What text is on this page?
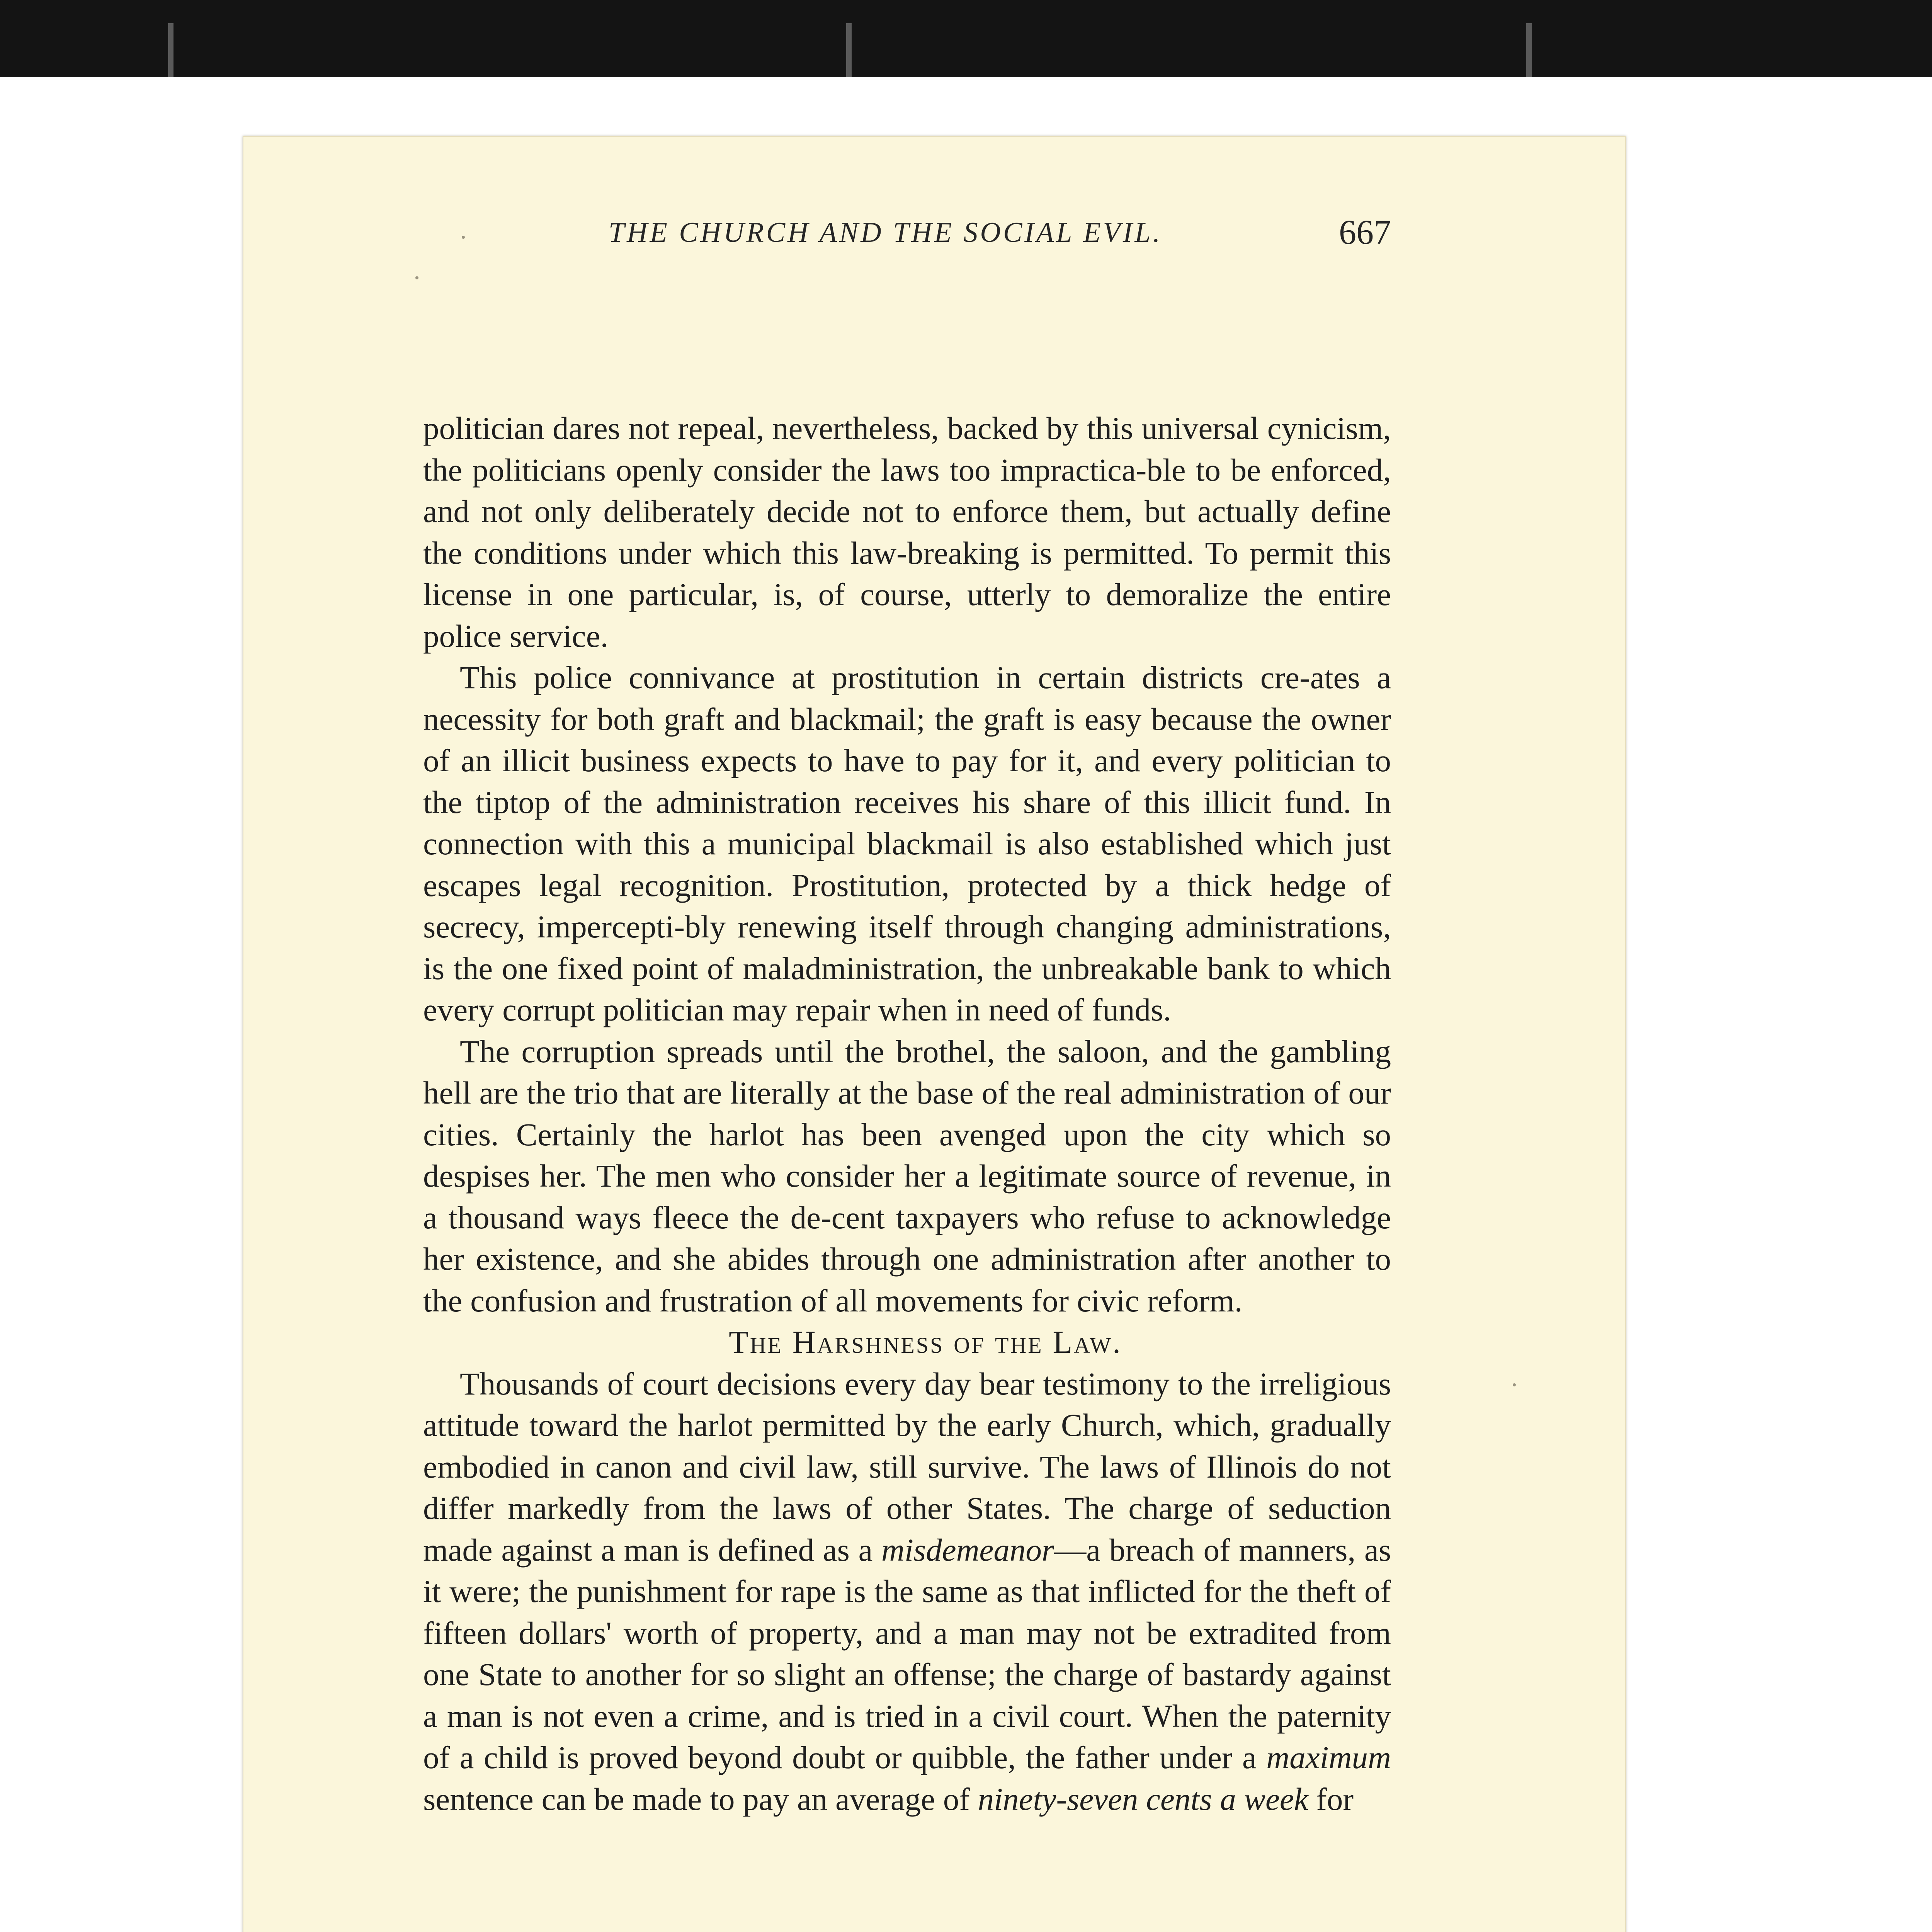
THE CHURCH AND THE SOCIAL EVIL.	667

politician dares not repeal, nevertheless, backed by this universal cynicism, the politicians openly consider the laws too impractica-ble to be enforced, and not only deliberately decide not to enforce them, but actually define the conditions under which this law-breaking is permitted. To permit this license in one particular, is, of course, utterly to demoralize the entire police service.

This police connivance at prostitution in certain districts cre-ates a necessity for both graft and blackmail; the graft is easy because the owner of an illicit business expects to have to pay for it, and every politician to the tiptop of the administration receives his share of this illicit fund. In connection with this a municipal blackmail is also established which just escapes legal recognition. Prostitution, protected by a thick hedge of secrecy, impercepti-bly renewing itself through changing administrations, is the one fixed point of maladministration, the unbreakable bank to which every corrupt politician may repair when in need of funds.

The corruption spreads until the brothel, the saloon, and the gambling hell are the trio that are literally at the base of the real administration of our cities. Certainly the harlot has been avenged upon the city which so despises her. The men who consider her a legitimate source of revenue, in a thousand ways fleece the de-cent taxpayers who refuse to acknowledge her existence, and she abides through one administration after another to the confusion and frustration of all movements for civic reform.

The Harshness of the Law.

Thousands of court decisions every day bear testimony to the irreligious attitude toward the harlot permitted by the early Church, which, gradually embodied in canon and civil law, still survive. The laws of Illinois do not differ markedly from the laws of other States. The charge of seduction made against a man is defined as a misdemeanor—a breach of manners, as it were; the punishment for rape is the same as that inflicted for the theft of fifteen dollars' worth of property, and a man may not be extradited from one State to another for so slight an offense; the charge of bastardy against a man is not even a crime, and is tried in a civil court. When the paternity of a child is proved beyond doubt or quibble, the father under a maximum sentence can be made to pay an average of ninety-seven cents a week for
